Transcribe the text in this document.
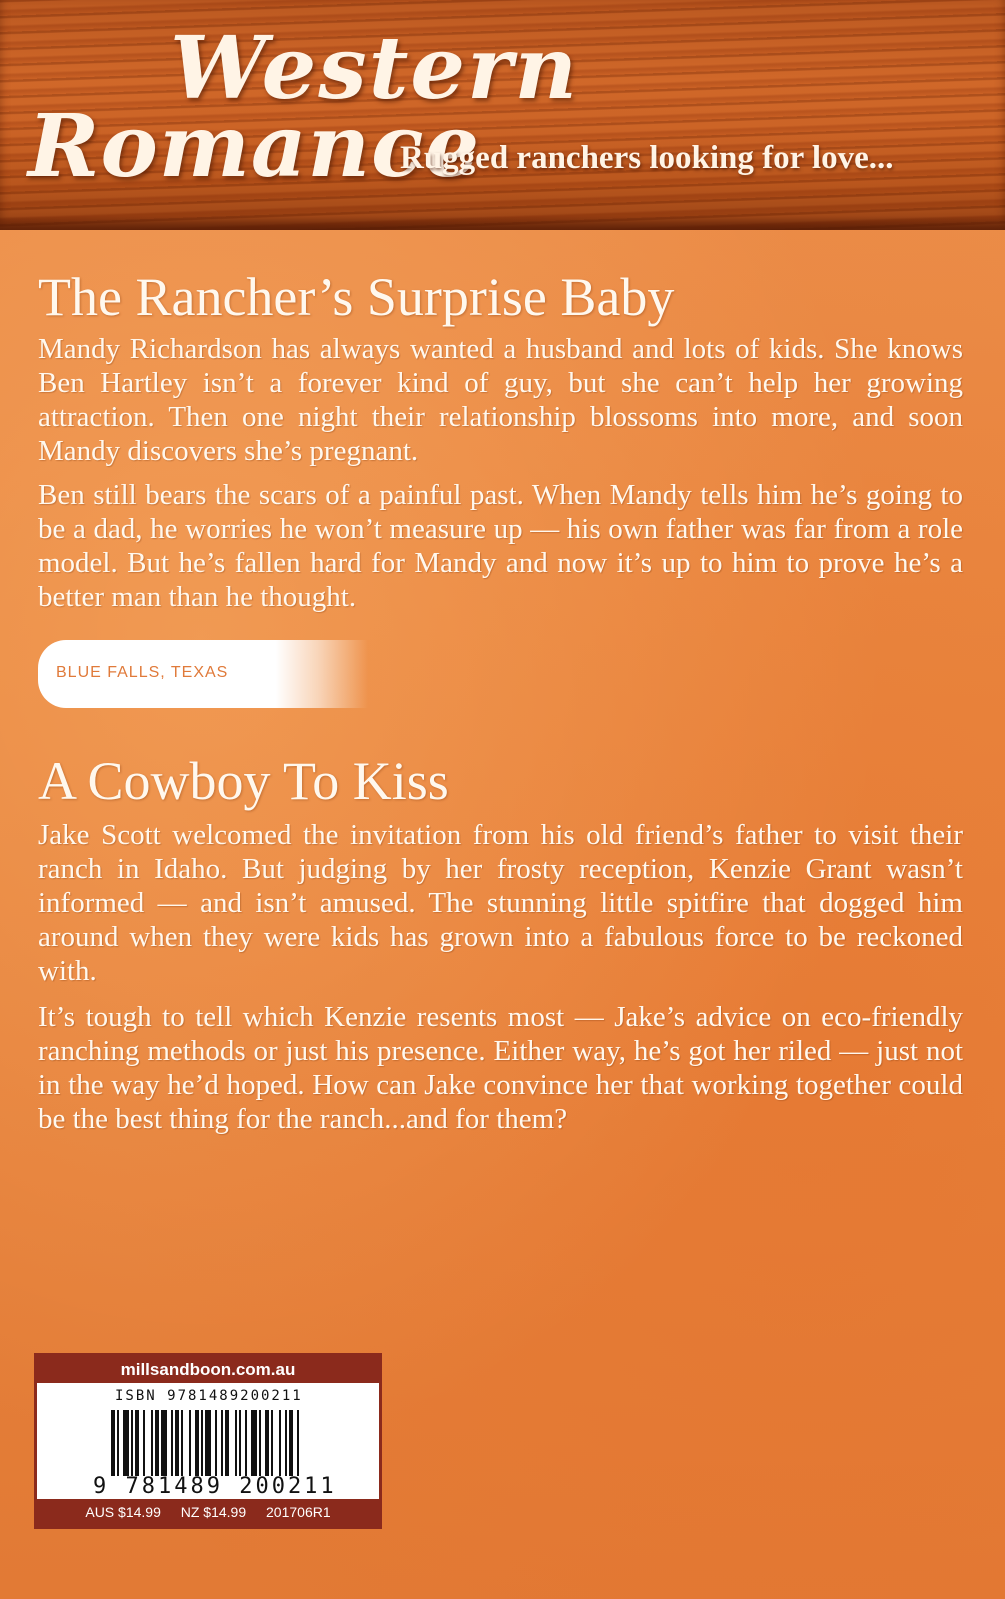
Western
Romance
Rugged ranchers looking for love...
The Rancher’s Surprise Baby

Mandy Richardson has always wanted a husband and lots of kids. She knows Ben Hartley isn’t a forever kind of guy, but she can’t help her growing attraction. Then one night their relationship blossoms into more, and soon Mandy discovers she’s pregnant.

Ben still bears the scars of a painful past. When Mandy tells him he’s going to be a dad, he worries he won’t measure up — his own father was far from a role model. But he’s fallen hard for Mandy and now it’s up to him to prove he’s a better man than he thought.

BLUE FALLS, TEXAS
A Cowboy To Kiss

Jake Scott welcomed the invitation from his old friend’s father to visit their ranch in Idaho. But judging by her frosty reception, Kenzie Grant wasn’t informed — and isn’t amused. The stunning little spitfire that dogged him around when they were kids has grown into a fabulous force to be reckoned with.

It’s tough to tell which Kenzie resents most — Jake’s advice on eco-friendly ranching methods or just his presence. Either way, he’s got her riled — just not in the way he’d hoped. How can Jake convince her that working together could be the best thing for the ranch...and for them?

millsandboon.com.au
ISBN 9781489200211
9 781489 200211
AUS $14.99 NZ $14.99 201706R1
